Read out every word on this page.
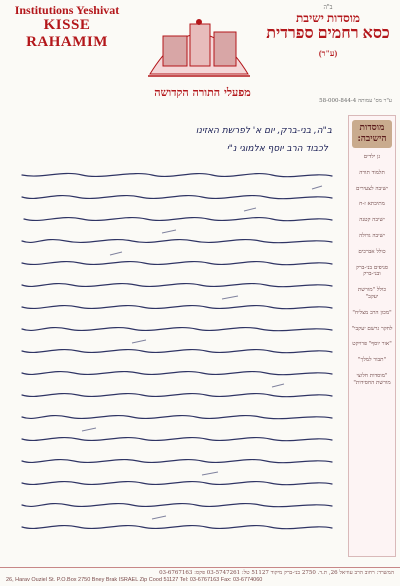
Institutions Yeshivat
KISSE RAHAMIM
ב"ה
מוסדות ישיבת
כסא רחמים ספרדית (ע"ר)
מפעלי התורה הקדושה
58-000-844-4 ע"ר מס' עמותה
מוסדות הישיבה:
גן ילדים
תלמוד תורה
ישיבה לצעירים
מתיבתא ז-ח
ישיבה קטנה
ישיבה גדולה
כולל אברכים
סניפים בני-ברק ובני-ברק
כולל "מורשת יעקב"
"מכון הרב מצליח"
לחקר גרשם יעקבי"
"אור יוסף" פרויקט
"תבור למלך"
"מוסדות חלוצי מורשת החסידות"
ב"ה, בני-ברק, יום א' לפרשת האזינו
לכבוד הרב יוסף אלמוגי נ"י
המשרד: רחוב הרב עוזיאל 26, ת.ד. 2750 בני-ברק מיקוד 51127 טל: 03-5747261 פקס: 03-6767163
26, Harav Ouziel St. P.O.Box 2750 Bney Brak ISRAEL Zip Cood 51127 Tel: 03-6767163 Fax: 03-6774060
